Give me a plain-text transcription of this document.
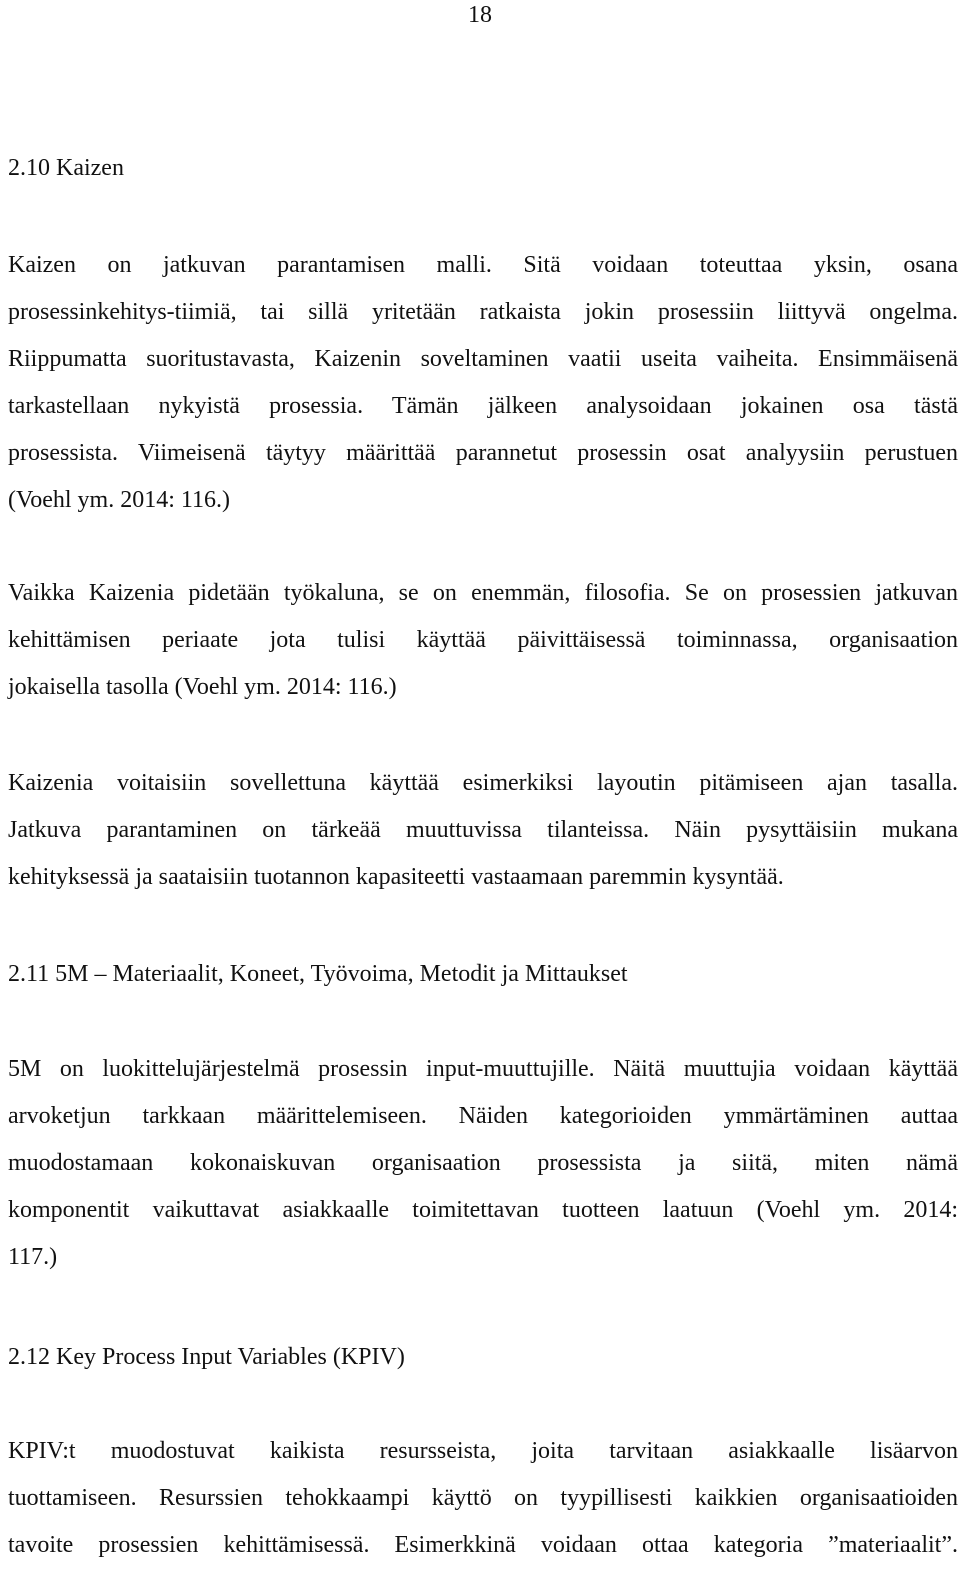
18
2.10 Kaizen

Kaizen on jatkuvan parantamisen malli. Sitä voidaan toteuttaa yksin, osana
prosessinkehitys-tiimiä, tai sillä yritetään ratkaista jokin prosessiin liittyvä ongelma.
Riippumatta suoritustavasta, Kaizenin soveltaminen vaatii useita vaiheita. Ensimmäisenä
tarkastellaan nykyistä prosessia. Tämän jälkeen analysoidaan jokainen osa tästä
prosessista. Viimeisenä täytyy määrittää parannetut prosessin osat analyysiin perustuen
(Voehl ym. 2014: 116.)

Vaikka Kaizenia pidetään työkaluna, se on enemmän, filosofia. Se on prosessien jatkuvan
kehittämisen periaate jota tulisi käyttää päivittäisessä toiminnassa, organisaation
jokaisella tasolla (Voehl ym. 2014: 116.)

Kaizenia voitaisiin sovellettuna käyttää esimerkiksi layoutin pitämiseen ajan tasalla.
Jatkuva parantaminen on tärkeää muuttuvissa tilanteissa. Näin pysyttäisiin mukana
kehityksessä ja saataisiin tuotannon kapasiteetti vastaamaan paremmin kysyntää.

2.11 5M – Materiaalit, Koneet, Työvoima, Metodit ja Mittaukset

5M on luokittelujärjestelmä prosessin input-muuttujille. Näitä muuttujia voidaan käyttää
arvoketjun tarkkaan määrittelemiseen. Näiden kategorioiden ymmärtäminen auttaa
muodostamaan kokonaiskuvan organisaation prosessista ja siitä, miten nämä
komponentit vaikuttavat asiakkaalle toimitettavan tuotteen laatuun (Voehl ym. 2014:
117.)

2.12 Key Process Input Variables (KPIV)

KPIV:t muodostuvat kaikista resursseista, joita tarvitaan asiakkaalle lisäarvon
tuottamiseen. Resurssien tehokkaampi käyttö on tyypillisesti kaikkien organisaatioiden
tavoite prosessien kehittämisessä. Esimerkkinä voidaan ottaa kategoria ”materiaalit”.
